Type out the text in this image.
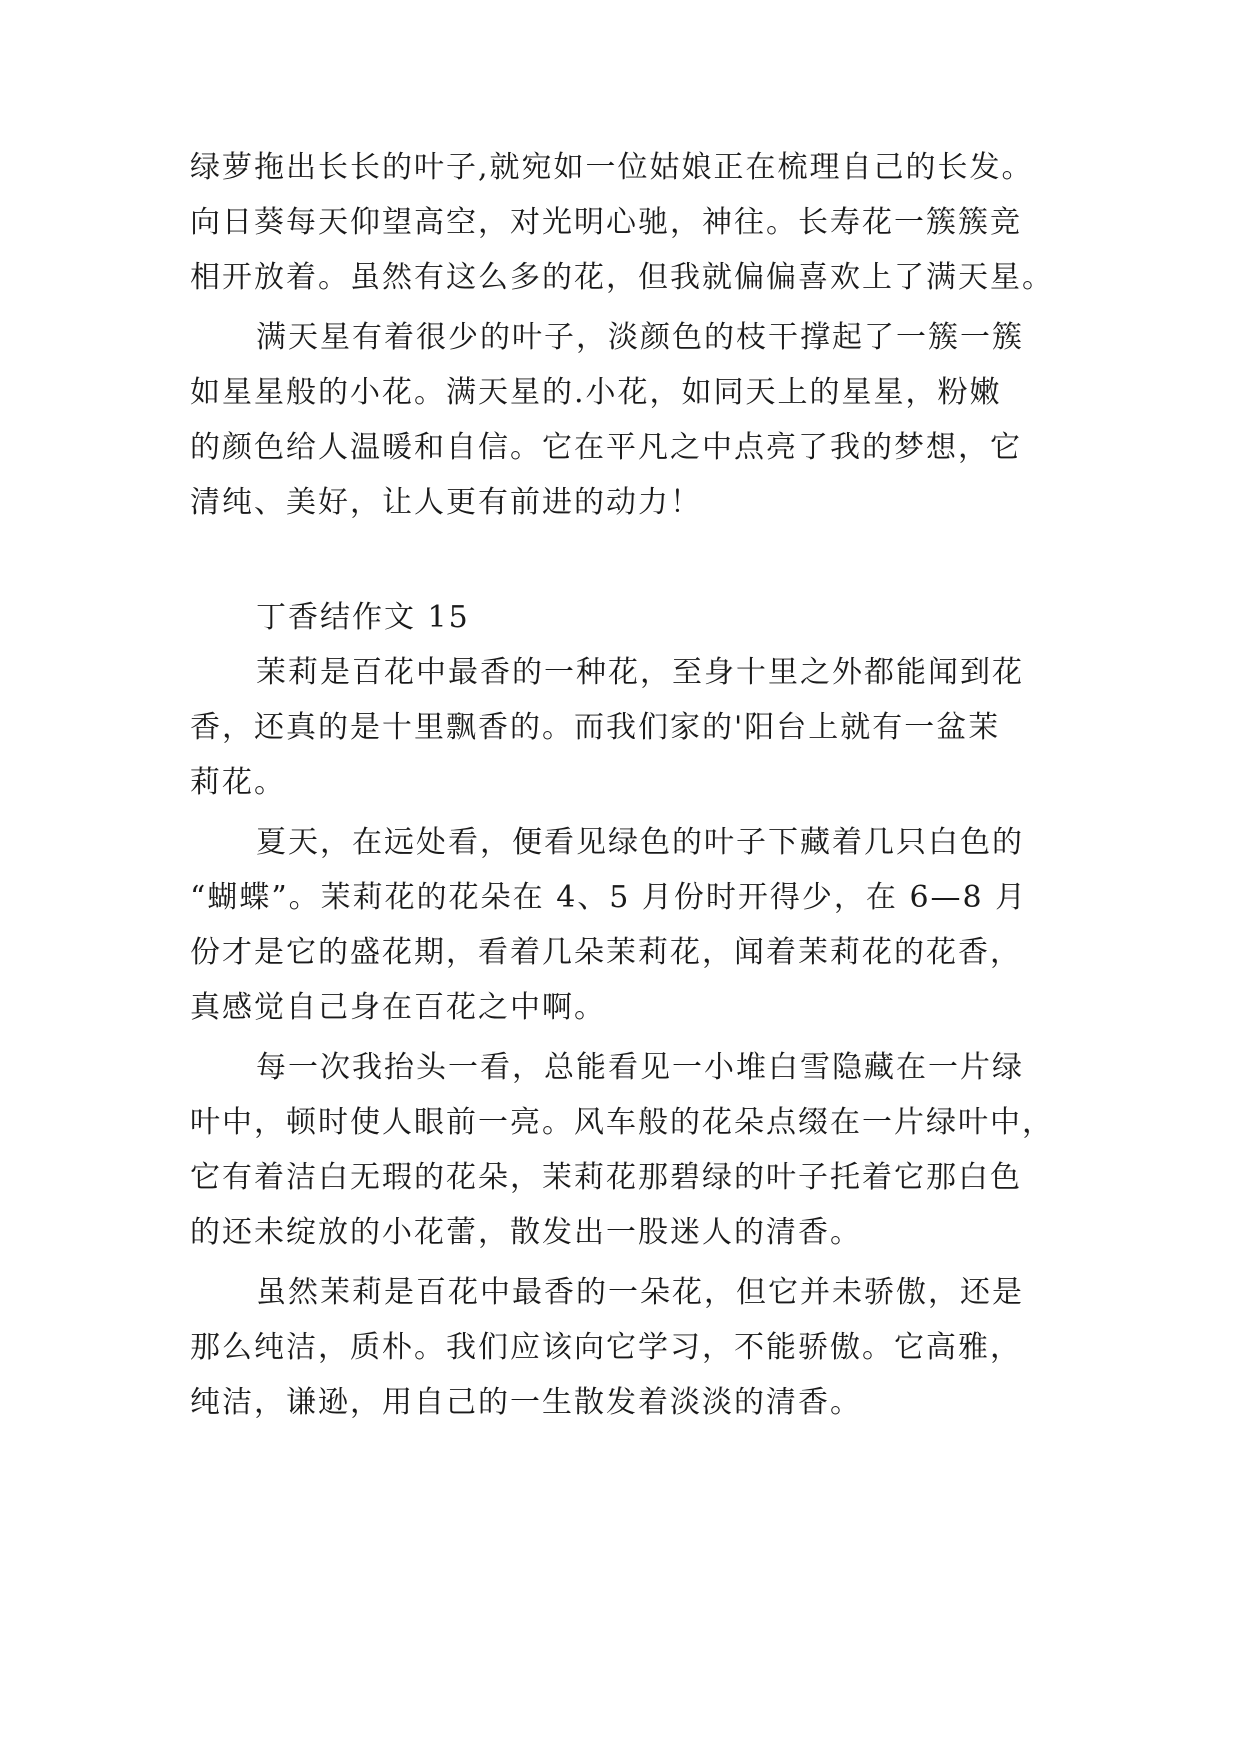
绿萝拖出长长的叶子,就宛如一位姑娘正在梳理自己的长发。

向日葵每天仰望高空，对光明心驰，神往。长寿花一簇簇竞

相开放着。虽然有这么多的花，但我就偏偏喜欢上了满天星。

满天星有着很少的叶子，淡颜色的枝干撑起了一簇一簇

如星星般的小花。满天星的.小花，如同天上的星星，粉嫩

的颜色给人温暖和自信。它在平凡之中点亮了我的梦想，它

清纯、美好，让人更有前进的动力！

丁香结作文 15

茉莉是百花中最香的一种花，至身十里之外都能闻到花

香，还真的是十里飘香的。而我们家的'阳台上就有一盆茉

莉花。

夏天，在远处看，便看见绿色的叶子下藏着几只白色的

“蝴蝶”。茉莉花的花朵在 4、5 月份时开得少，在 6—8 月

份才是它的盛花期，看着几朵茉莉花，闻着茉莉花的花香，

真感觉自己身在百花之中啊。

每一次我抬头一看，总能看见一小堆白雪隐藏在一片绿

叶中，顿时使人眼前一亮。风车般的花朵点缀在一片绿叶中，

它有着洁白无瑕的花朵，茉莉花那碧绿的叶子托着它那白色

的还未绽放的小花蕾，散发出一股迷人的清香。

虽然茉莉是百花中最香的一朵花，但它并未骄傲，还是

那么纯洁，质朴。我们应该向它学习，不能骄傲。它高雅，

纯洁，谦逊，用自己的一生散发着淡淡的清香。
